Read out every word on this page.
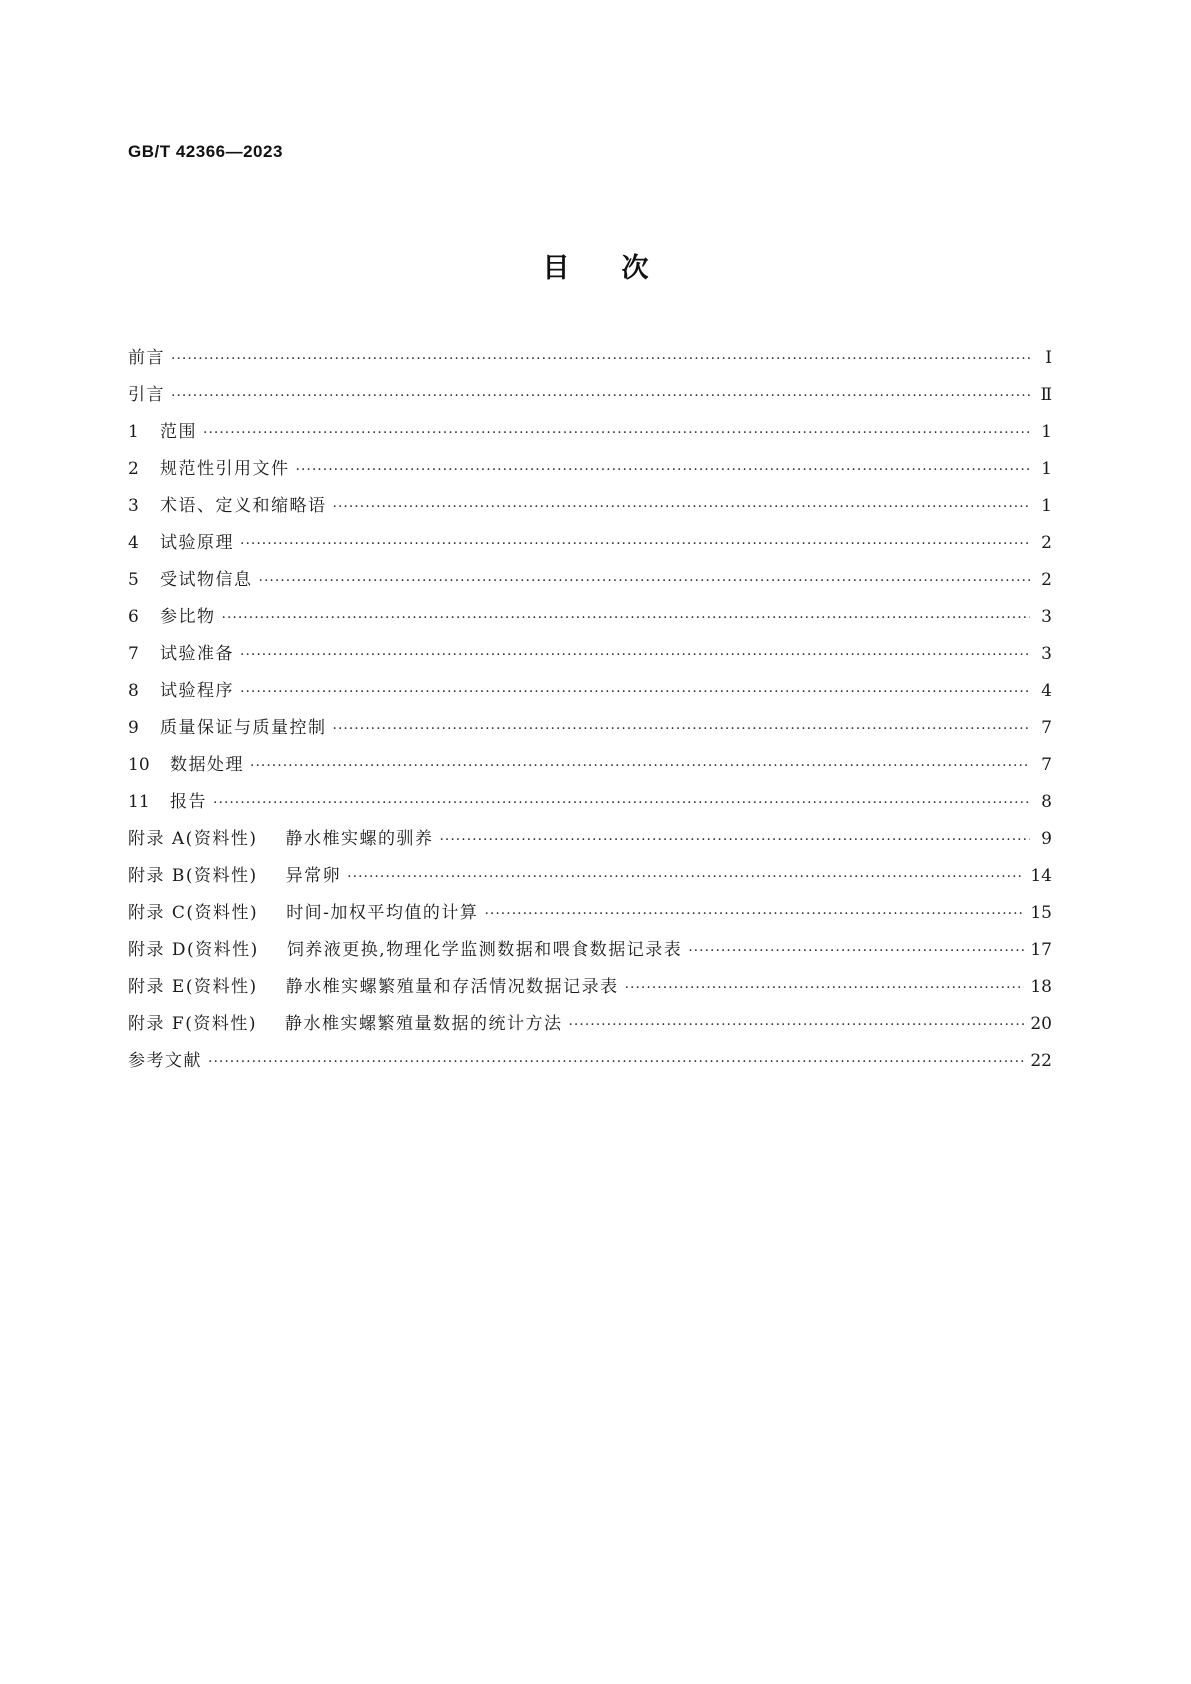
GB/T 42366—2023
目次
前言 ·····	Ⅰ
引言 ·····	Ⅱ
1	范围 ·····	1
2	规范性引用文件 ·····	1
3	术语、定义和缩略语 ·····	1
4	试验原理 ·····	2
5	受试物信息 ·····	2
6	参比物 ·····	3
7	试验准备 ·····	3
8	试验程序 ·····	4
9	质量保证与质量控制 ·····	7
10	数据处理 ·····	7
11	报告 ·····	8
附录 A(资料性) 静水椎实螺的驯养 ·····	9
附录 B(资料性) 异常卵 ·····	14
附录 C(资料性) 时间-加权平均值的计算 ·····	15
附录 D(资料性) 饲养液更换,物理化学监测数据和喂食数据记录表 ·····	17
附录 E(资料性) 静水椎实螺繁殖量和存活情况数据记录表 ·····	18
附录 F(资料性) 静水椎实螺繁殖量数据的统计方法 ·····	20
参考文献 ·····	22
